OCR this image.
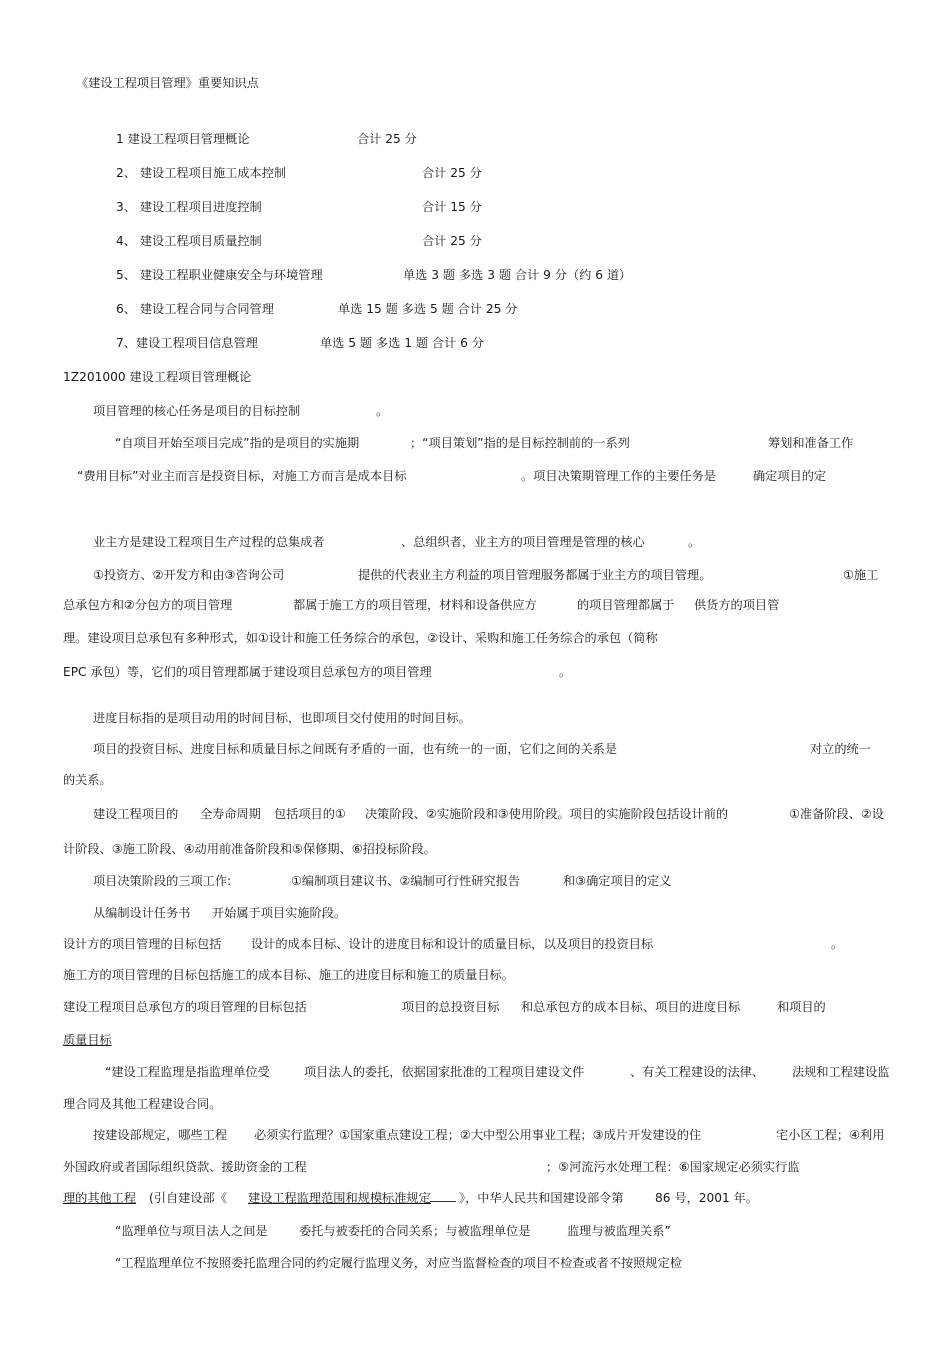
《建设工程项目管理》重要知识点
1 建设工程项目管理概论	合计 25 分
2、 建设工程项目施工成本控制	合计 25 分
3、 建设工程项目进度控制	合计 15 分
4、 建设工程项目质量控制	合计 25 分
5、 建设工程职业健康安全与环境管理	单选 3 题 多选 3 题 合计 9 分（约 6 道）
6、 建设工程合同与合同管理	单选 15 题 多选 5 题 合计 25 分
7、建设工程项目信息管理	单选 5 题 多选 1 题 合计 6 分
1Z201000 建设工程项目管理概论
项目管理的核心任务是项目的目标控制	。
“自项目开始至项目完成”指的是项目的实施期	；“项目策划”指的是目标控制前的一系列	筹划和准备工作
“费用目标”对业主而言是投资目标，对施工方而言是成本目标	。项目决策期管理工作的主要任务是	确定项目的定
业主方是建设工程项目生产过程的总集成者	、总组织者，业主方的项目管理是管理的核心	。
①投资方、②开发方和由③咨询公司	提供的代表业主方利益的项目管理服务都属于业主方的项目管理。	①施工
总承包方和②分包方的项目管理	都属于施工方的项目管理，材料和设备供应方	的项目管理都属于 供货方的项目管
理。建设项目总承包有多种形式，如①设计和施工任务综合的承包，②设计、采购和施工任务综合的承包（简称
EPC 承包）等，它们的项目管理都属于建设项目总承包方的项目管理	。
进度目标指的是项目动用的时间目标，也即项目交付使用的时间目标。
项目的投资目标、进度目标和质量目标之间既有矛盾的一面，也有统一的一面，它们之间的关系是	对立的统一
的关系。
建设工程项目的 全寿命周期 包括项目的① 决策阶段、②实施阶段和③使用阶段。项目的实施阶段包括设计前的	①准备阶段、②设
计阶段、③施工阶段、④动用前准备阶段和⑤保修期、⑥招投标阶段。
项目决策阶段的三项工作:	①编制项目建议书、②编制可行性研究报告	和③确定项目的定义
从编制设计任务书 开始属于项目实施阶段。
设计方的项目管理的目标包括 设计的成本目标、设计的进度目标和设计的质量目标，以及项目的投资目标	。
施工方的项目管理的目标包括施工的成本目标、施工的进度目标和施工的质量目标。
建设工程项目总承包方的项目管理的目标包括	项目的总投资目标 和总承包方的成本目标、项目的进度目标	和项目的
质量目标
“建设工程监理是指监理单位受	项目法人的委托，依据国家批准的工程项目建设文件	、有关工程建设的法律、 法规和工程建设监
理合同及其他工程建设合同。
按建设部规定，哪些工程 必须实行监理？①国家重点建设工程；②大中型公用事业工程；③成片开发建设的住	宅小区工程；④利用
外国政府或者国际组织贷款、援助资金的工程	；⑤河流污水处理工程：⑥国家规定必须实行监
理的其他工程 (引自建设部《 建设工程监理范围和规模标准规定 》，中华人民共和国建设部令第	86 号，2001 年。
“监理单位与项目法人之间是	委托与被委托的合同关系；与被监理单位是	监理与被监理关系”
“工程监理单位不按照委托监理合同的约定履行监理义务，对应当监督检查的项目不检查或者不按照规定检
